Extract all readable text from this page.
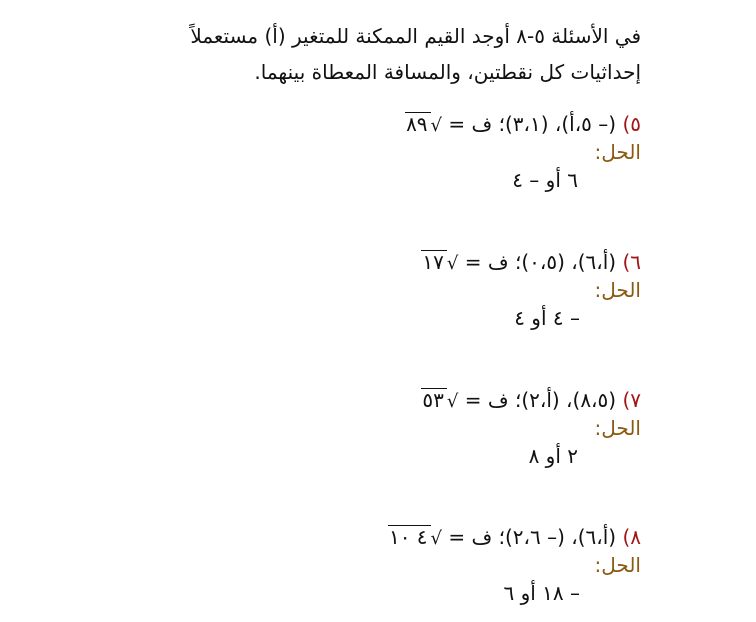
في الأسئلة ٥-٨ أوجد القيم الممكنة للمتغير (أ) مستعملاً

إحداثيات كل نقطتين، والمسافة المعطاة بينهما.

٥) (– ٥،أ)، (٣،١)؛ ف = √٨٩

الحل:

٦ أو – ٤

٦) (أ،٦)، (٠،٥)؛ ف = √١٧

الحل:

– ٤ أو ٤

٧) (٨،٥)، (أ،٢)؛ ف = √٥٣

الحل:

٢ أو ٨

٨) (أ،٦)، (– ٢،٦)؛ ف = √٤ ١٠

الحل:

– ١٨ أو ٦
